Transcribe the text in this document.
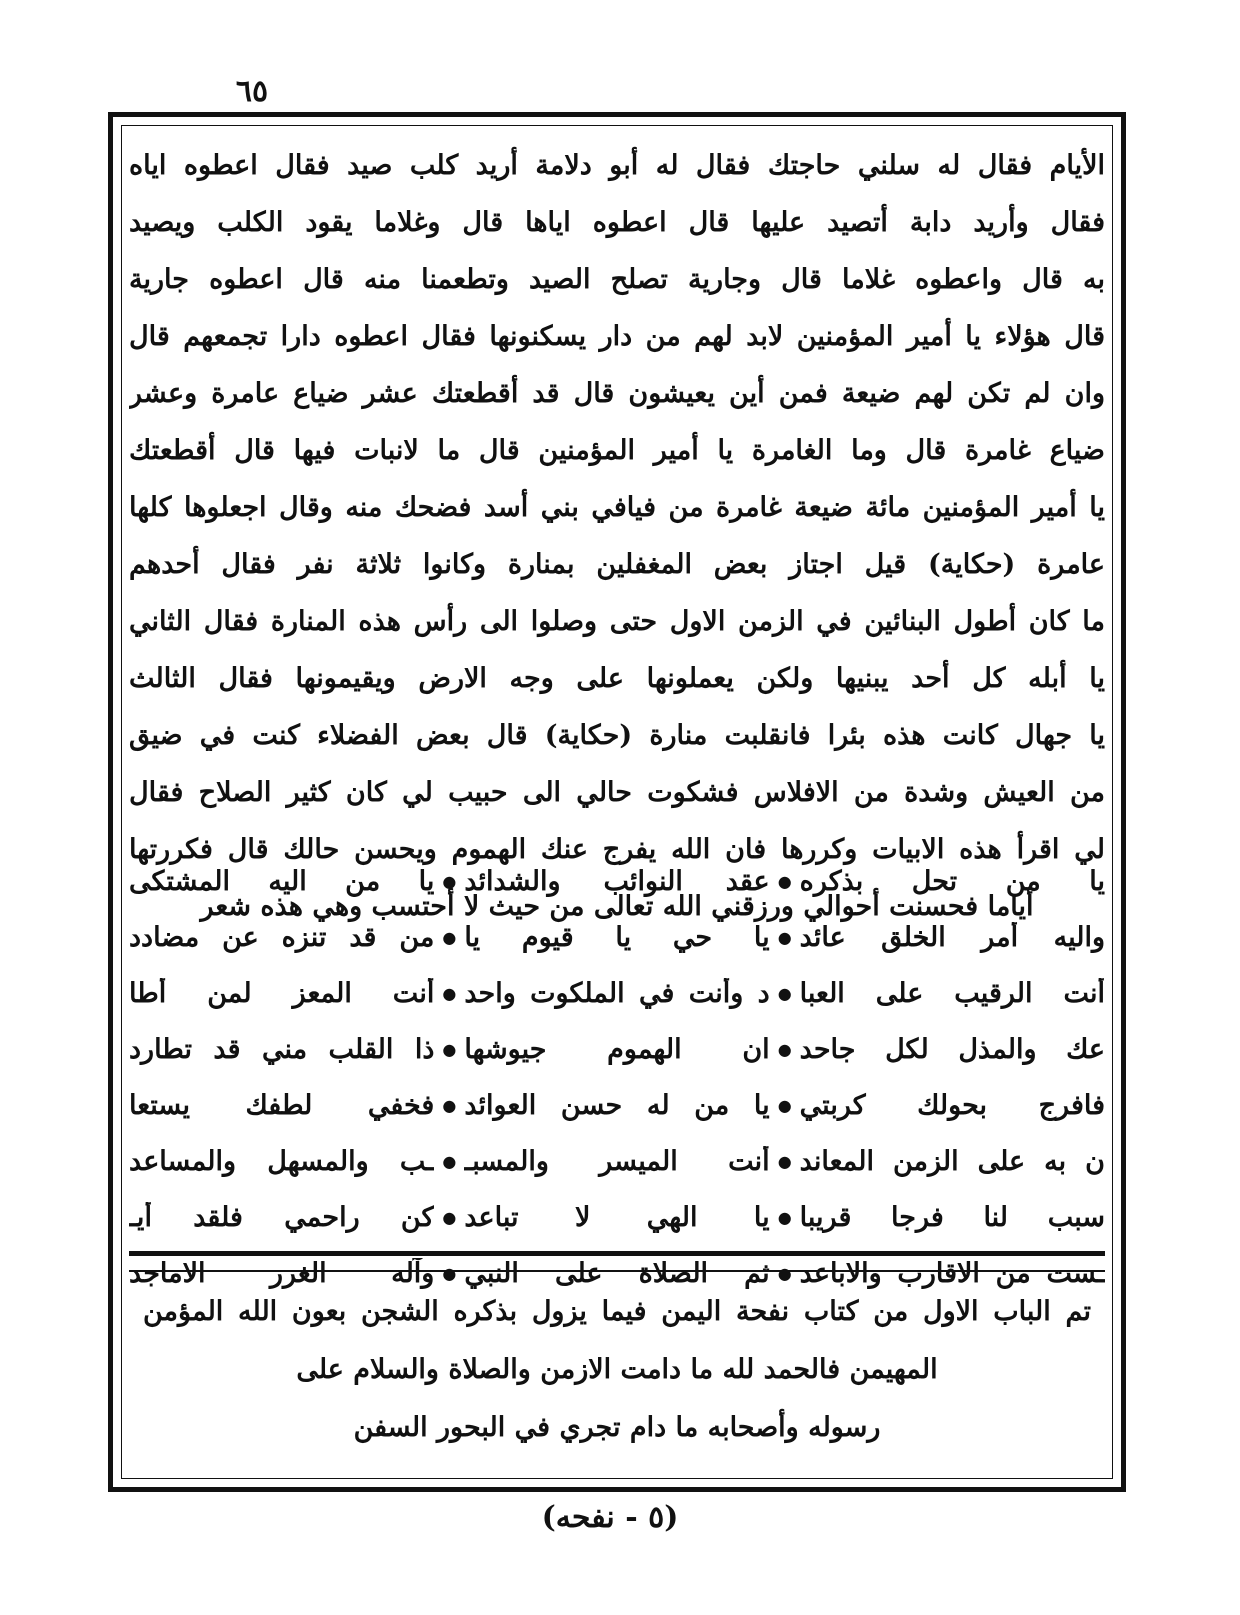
٦٥
الأيام فقال له سلني حاجتك فقال له أبو دلامة أريد كلب صيد فقال اعطوه اياه
فقال وأريد دابة أتصيد عليها قال اعطوه اياها قال وغلاما يقود الكلب ويصيد
به قال واعطوه غلاما قال وجارية تصلح الصيد وتطعمنا منه قال اعطوه جارية
قال هؤلاء يا أمير المؤمنين لابد لهم من دار يسكنونها فقال اعطوه دارا تجمعهم قال
وان لم تكن لهم ضيعة فمن أين يعيشون قال قد أقطعتك عشر ضياع عامرة وعشر
ضياع غامرة قال وما الغامرة يا أمير المؤمنين قال ما لانبات فيها قال أقطعتك
يا أمير المؤمنين مائة ضيعة غامرة من فيافي بني أسد فضحك منه وقال اجعلوها كلها
عامرة (حكاية) قيل اجتاز بعض المغفلين بمنارة وكانوا ثلاثة نفر فقال أحدهم
ما كان أطول البنائين في الزمن الاول حتى وصلوا الى رأس هذه المنارة فقال الثاني
يا أبله كل أحد يبنيها ولكن يعملونها على وجه الارض ويقيمونها فقال الثالث
يا جهال كانت هذه بئرا فانقلبت منارة (حكاية) قال بعض الفضلاء كنت في ضيق
من العيش وشدة من الافلاس فشكوت حالي الى حبيب لي كان كثير الصلاح فقال
لي اقرأ هذه الابيات وكررها فان الله يفرج عنك الهموم ويحسن حالك قال فكررتها
أياما فحسنت أحوالي ورزقني الله تعالى من حيث لا أحتسب وهي هذه شعر
يا من تحل بذكره
●
عقد النوائب والشدائد
●
يا من اليه المشتكى
واليه أمر الخلق عائد
●
يا حي يا قيوم يا
●
من قد تنزه عن مضادد
أنت الرقيب على العبا
●
د وأنت في الملكوت واحد
●
أنت المعز لمن أطا
عك والمذل لكل جاحد
●
ان الهموم جيوشها
●
ذا القلب مني قد تطارد
فافرج بحولك كربتي
●
يا من له حسن العوائد
●
فخفي لطفك يستعا
ن به على الزمن المعاند
●
أنت الميسر والمسبـ
●
ـب والمسهل والمساعد
سبب لنا فرجا قريبا
●
يا الهي لا تباعد
●
كن راحمي فلقد أيـ
ـست من الاقارب والاباعد
●
ثم الصلاة على النبي
●
وآله الغرر الاماجد
تم الباب الاول من كتاب نفحة اليمن فيما يزول بذكره الشجن بعون الله المؤمن
المهيمن فالحمد لله ما دامت الازمن والصلاة والسلام على
رسوله وأصحابه ما دام تجري في البحور السفن
(٥ - نفحه)
